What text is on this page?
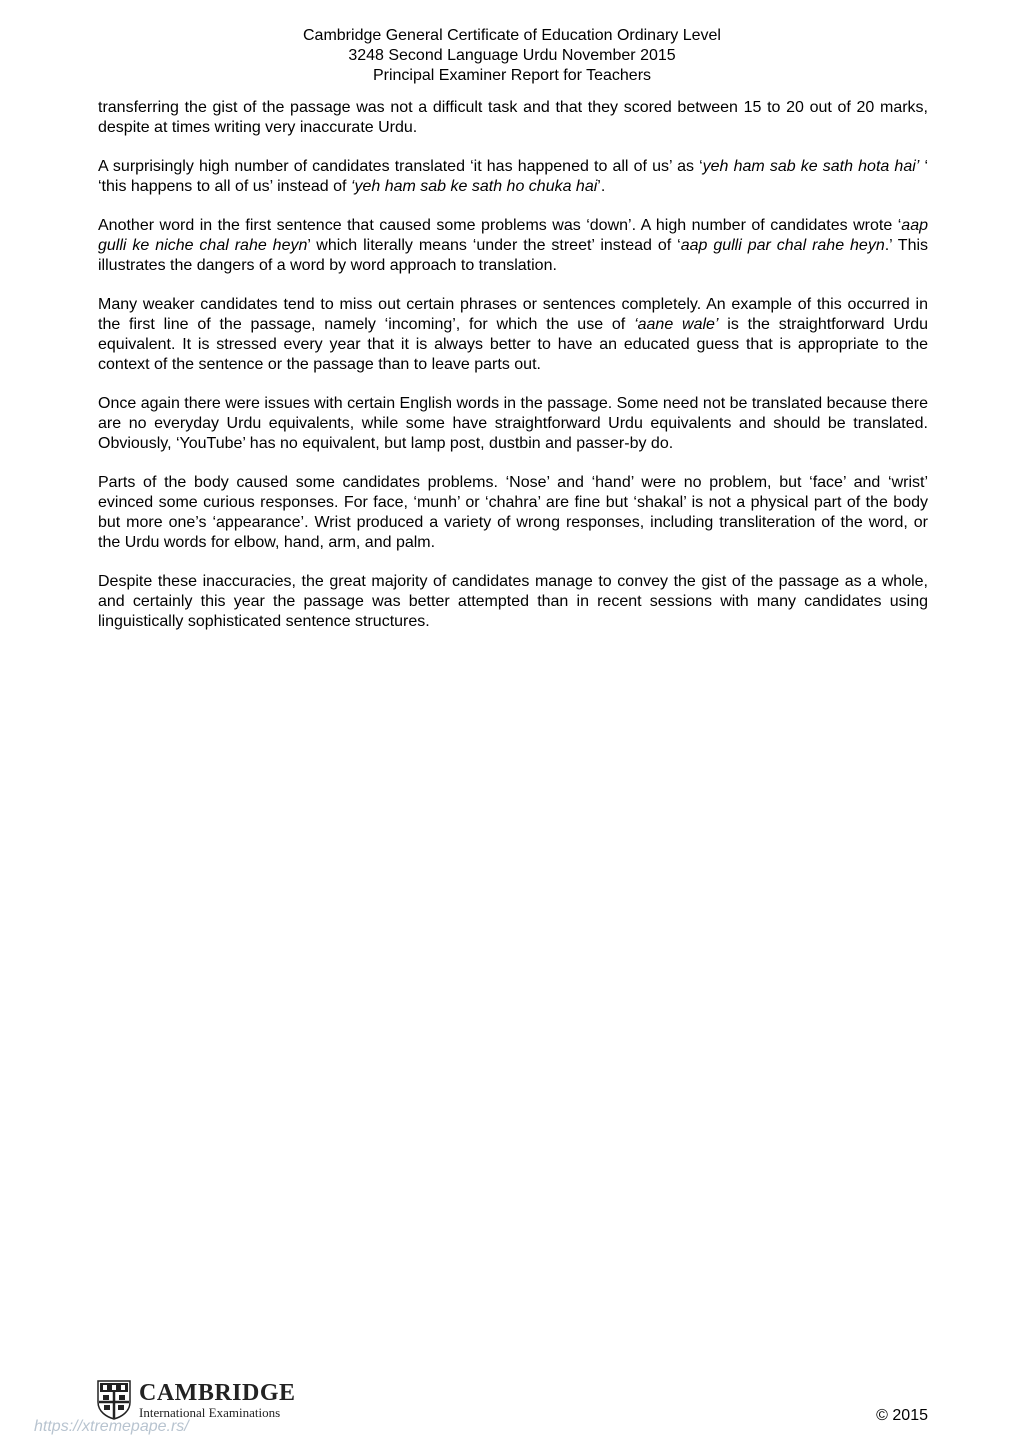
Cambridge General Certificate of Education Ordinary Level
3248 Second Language Urdu November 2015
Principal Examiner Report for Teachers

transferring the gist of the passage was not a difficult task and that they scored between 15 to 20 out of 20 marks, despite at times writing very inaccurate Urdu.

A surprisingly high number of candidates translated ‘it has happened to all of us’ as ‘yeh ham sab ke sath hota hai’ ‘ ‘this happens to all of us’ instead of ‘yeh ham sab ke sath ho chuka hai’.

Another word in the first sentence that caused some problems was ‘down’. A high number of candidates wrote ‘aap gulli ke niche chal rahe heyn’ which literally means ‘under the street’ instead of ‘aap gulli par chal rahe heyn.’ This illustrates the dangers of a word by word approach to translation.

Many weaker candidates tend to miss out certain phrases or sentences completely. An example of this occurred in the first line of the passage, namely ‘incoming’, for which the use of ‘aane wale’ is the straightforward Urdu equivalent. It is stressed every year that it is always better to have an educated guess that is appropriate to the context of the sentence or the passage than to leave parts out.

Once again there were issues with certain English words in the passage. Some need not be translated because there are no everyday Urdu equivalents, while some have straightforward Urdu equivalents and should be translated. Obviously, ‘YouTube’ has no equivalent, but lamp post, dustbin and passer-by do.

Parts of the body caused some candidates problems. ‘Nose’ and ‘hand’ were no problem, but ‘face’ and ‘wrist’ evinced some curious responses. For face, ‘munh’ or ‘chahra’ are fine but ‘shakal’ is not a physical part of the body but more one’s ‘appearance’. Wrist produced a variety of wrong responses, including transliteration of the word, or the Urdu words for elbow, hand, arm, and palm.

Despite these inaccuracies, the great majority of candidates manage to convey the gist of the passage as a whole, and certainly this year the passage was better attempted than in recent sessions with many candidates using linguistically sophisticated sentence structures.

CAMBRIDGE
International Examinations
https://xtremepape.rs/
© 2015
